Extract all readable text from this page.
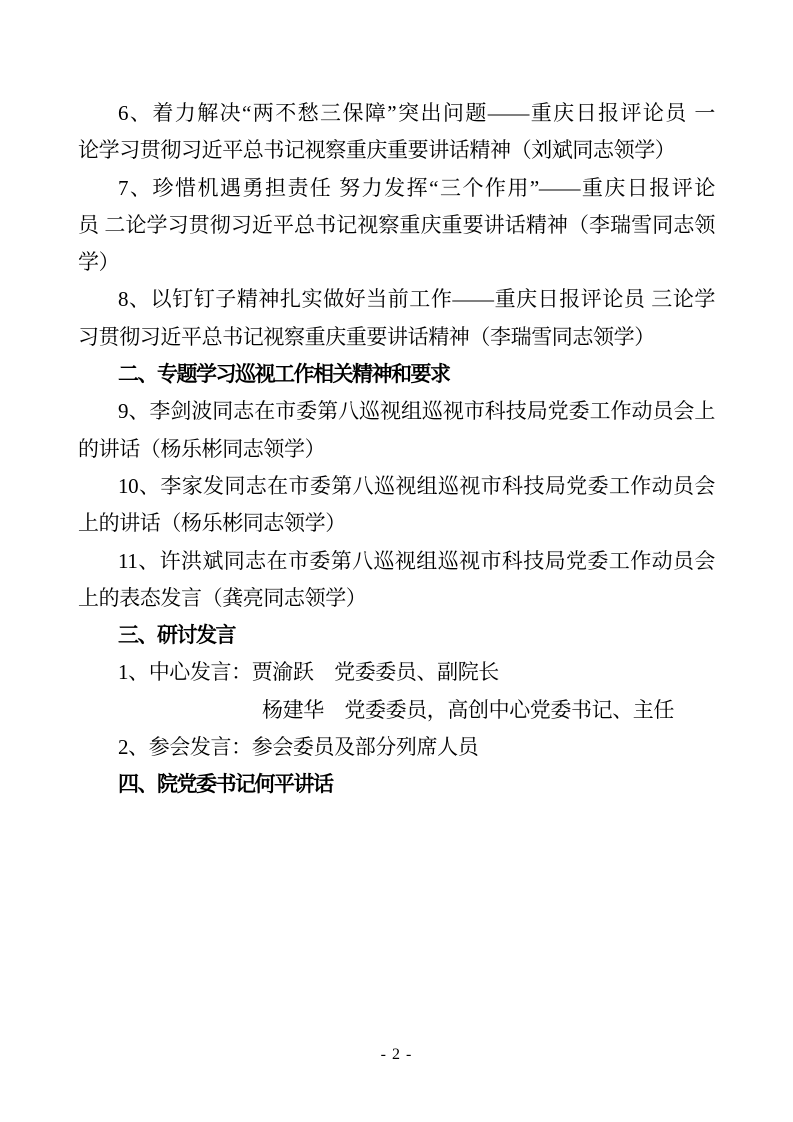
6、着力解决“两不愁三保障”突出问题——重庆日报评论员 一
论学习贯彻习近平总书记视察重庆重要讲话精神（刘斌同志领学）
7、珍惜机遇勇担责任 努力发挥“三个作用”——重庆日报评论
员 二论学习贯彻习近平总书记视察重庆重要讲话精神（李瑞雪同志领
学）
8、以钉钉子精神扎实做好当前工作——重庆日报评论员 三论学
习贯彻习近平总书记视察重庆重要讲话精神（李瑞雪同志领学）
二、专题学习巡视工作相关精神和要求
9、李剑波同志在市委第八巡视组巡视市科技局党委工作动员会上
的讲话（杨乐彬同志领学）
10、李家发同志在市委第八巡视组巡视市科技局党委工作动员会
上的讲话（杨乐彬同志领学）
11、许洪斌同志在市委第八巡视组巡视市科技局党委工作动员会
上的表态发言（龚亮同志领学）
三、研讨发言
1、中心发言：贾渝跃　党委委员、副院长
杨建华　党委委员，高创中心党委书记、主任
2、参会发言：参会委员及部分列席人员
四、院党委书记何平讲话
- 2 -
